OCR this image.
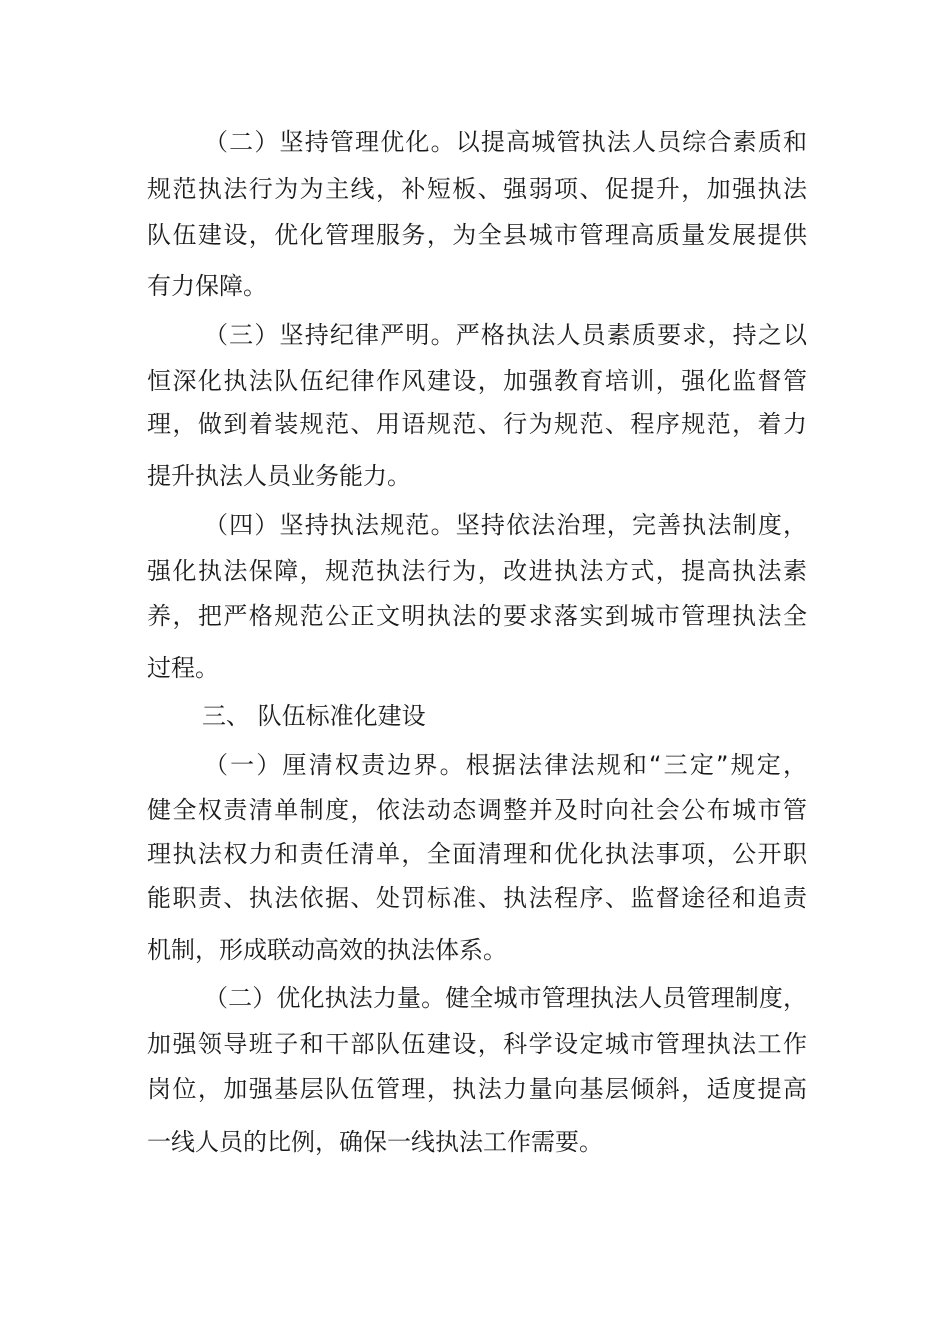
（二）坚持管理优化。以提高城管执法人员综合素质和
规范执法行为为主线，补短板、强弱项、促提升，加强执法
队伍建设，优化管理服务，为全县城市管理高质量发展提供
有力保障。
（三）坚持纪律严明。严格执法人员素质要求，持之以
恒深化执法队伍纪律作风建设，加强教育培训，强化监督管
理，做到着装规范、用语规范、行为规范、程序规范，着力
提升执法人员业务能力。
（四）坚持执法规范。坚持依法治理，完善执法制度，
强化执法保障，规范执法行为，改进执法方式，提高执法素
养，把严格规范公正文明执法的要求落实到城市管理执法全
过程。
三、 队伍标准化建设
（一）厘清权责边界。根据法律法规和“三定”规定，
健全权责清单制度，依法动态调整并及时向社会公布城市管
理执法权力和责任清单，全面清理和优化执法事项，公开职
能职责、执法依据、处罚标准、执法程序、监督途径和追责
机制，形成联动高效的执法体系。
（二）优化执法力量。健全城市管理执法人员管理制度，
加强领导班子和干部队伍建设，科学设定城市管理执法工作
岗位，加强基层队伍管理，执法力量向基层倾斜，适度提高
一线人员的比例，确保一线执法工作需要。
